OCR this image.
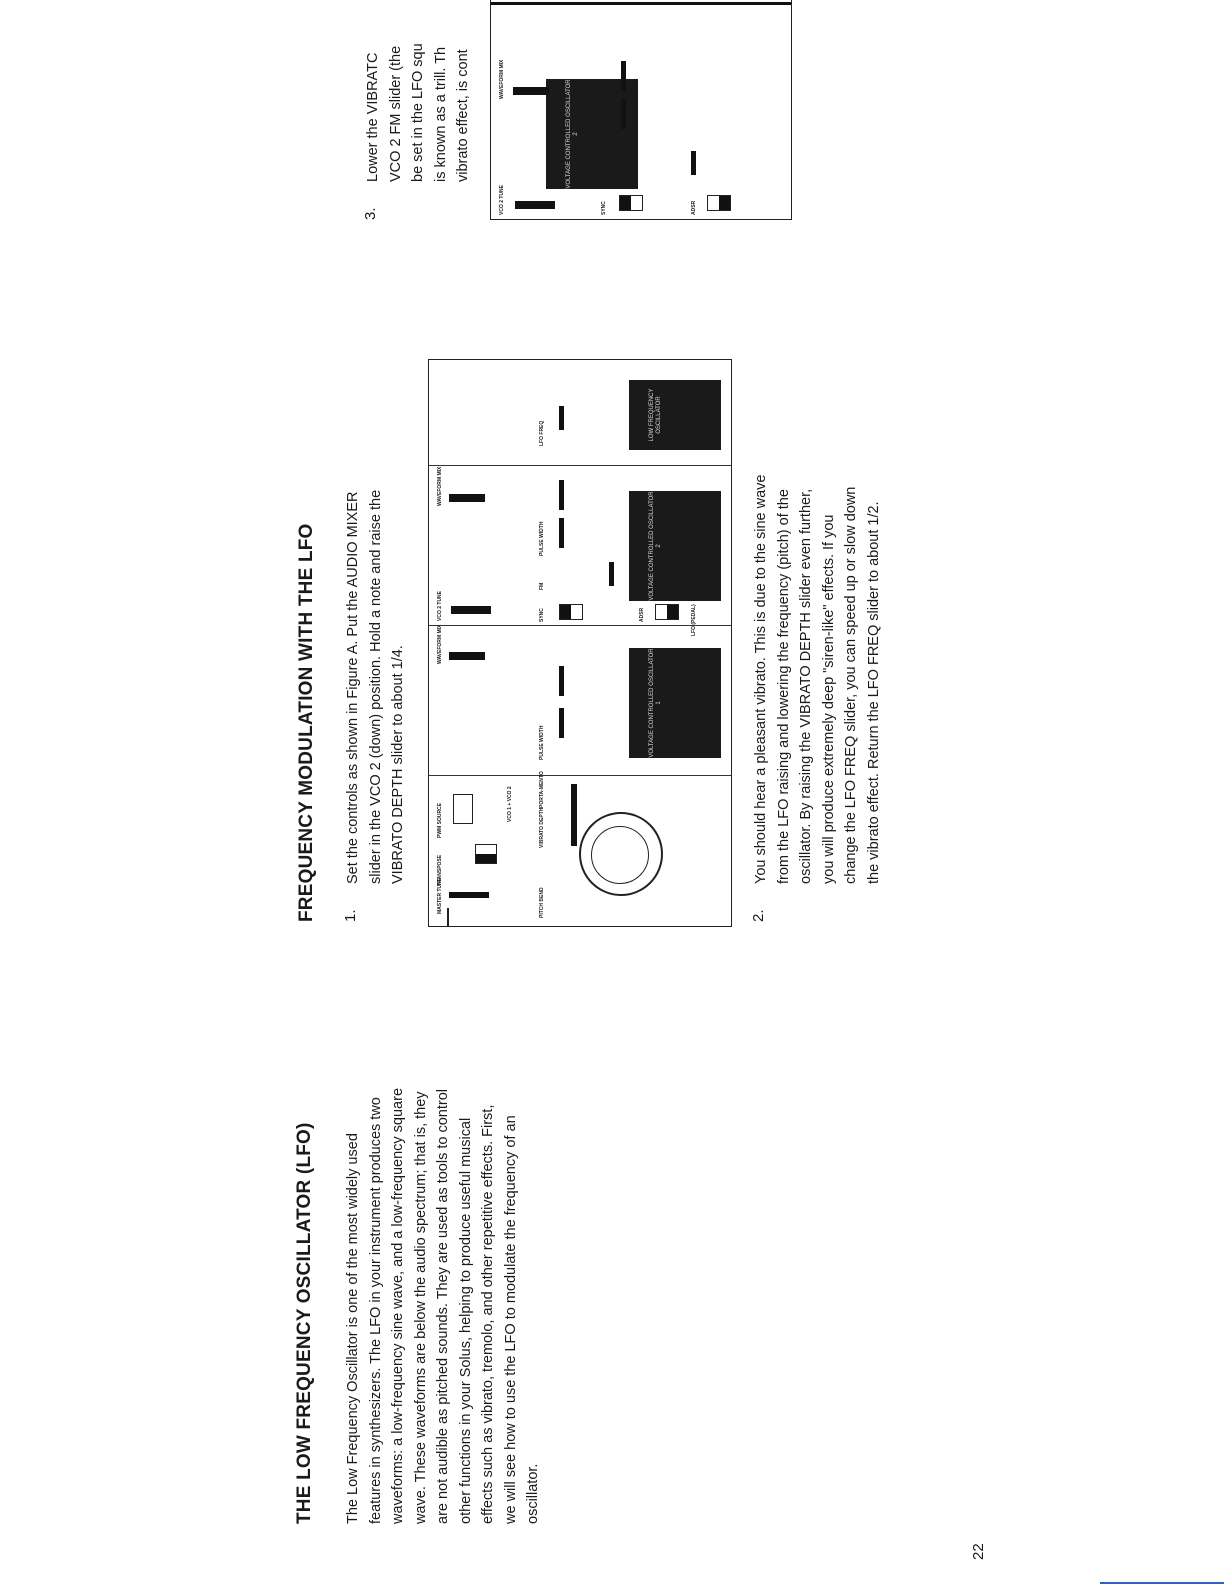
THE LOW FREQUENCY OSCILLATOR (LFO) The Low Frequency Oscillator is one of the most widely used features in synthesizers. The LFO in your instrument produces two waveforms: a low-frequency sine wave, and a low-frequency square wave. These waveforms are below the audio spectrum; that is, they are not audible as pitched sounds. They are used as tools to control other functions in your Solus, helping to produce useful musical effects such as vibrato, tremolo, and other repetitive effects. First, we will see how to use the LFO to modulate the frequency of an oscillator.
FREQUENCY MODULATION WITH THE LFO 1.
Set the controls as shown in Figure A. Put the AUDIO MIXER slider in the VCO 2 (down) position. Hold a note and raise the VIBRATO DEPTH slider to about 1/4.
MASTER TUNE
TRANSPOSE
PWM SOURCE	VCO 1 + VCO 2
PITCH BEND
VIBRATO DEPTH
PORTA-MENTO
VOLTAGE CONTROLLED OSCILLATOR 1
WAVEFORM MIX
PULSE WIDTH
VOLTAGE CONTROLLED OSCILLATOR 2
VCO 2 TUNE
WAVEFORM MIX
SYNC	ADSR	LFO (PEDAL)
FM
PULSE WIDTH
LOW FREQUENCY OSCILLATOR
LFO FREQ
2.
You should hear a pleasant vibrato. This is due to the sine wave from the LFO raising and lowering the frequency (pitch) of the oscillator. By raising the VIBRATO DEPTH slider even further, you will produce extremely deep "siren-like" effects. If you change the LFO FREQ slider, you can speed up or slow down the vibrato effect. Return the LFO FREQ slider to about 1/2.
3.
Lower the VIBRATC VCO 2 FM slider (the be set in the LFO squ is known as a trill. Th vibrato effect, is cont	VOLTAGE CONTROLLED OSCILLATOR 2
VCO 2 TUNE
WAVEFORM MIX
SYNC	ADSR
FM
PULSE WIDTH
22
